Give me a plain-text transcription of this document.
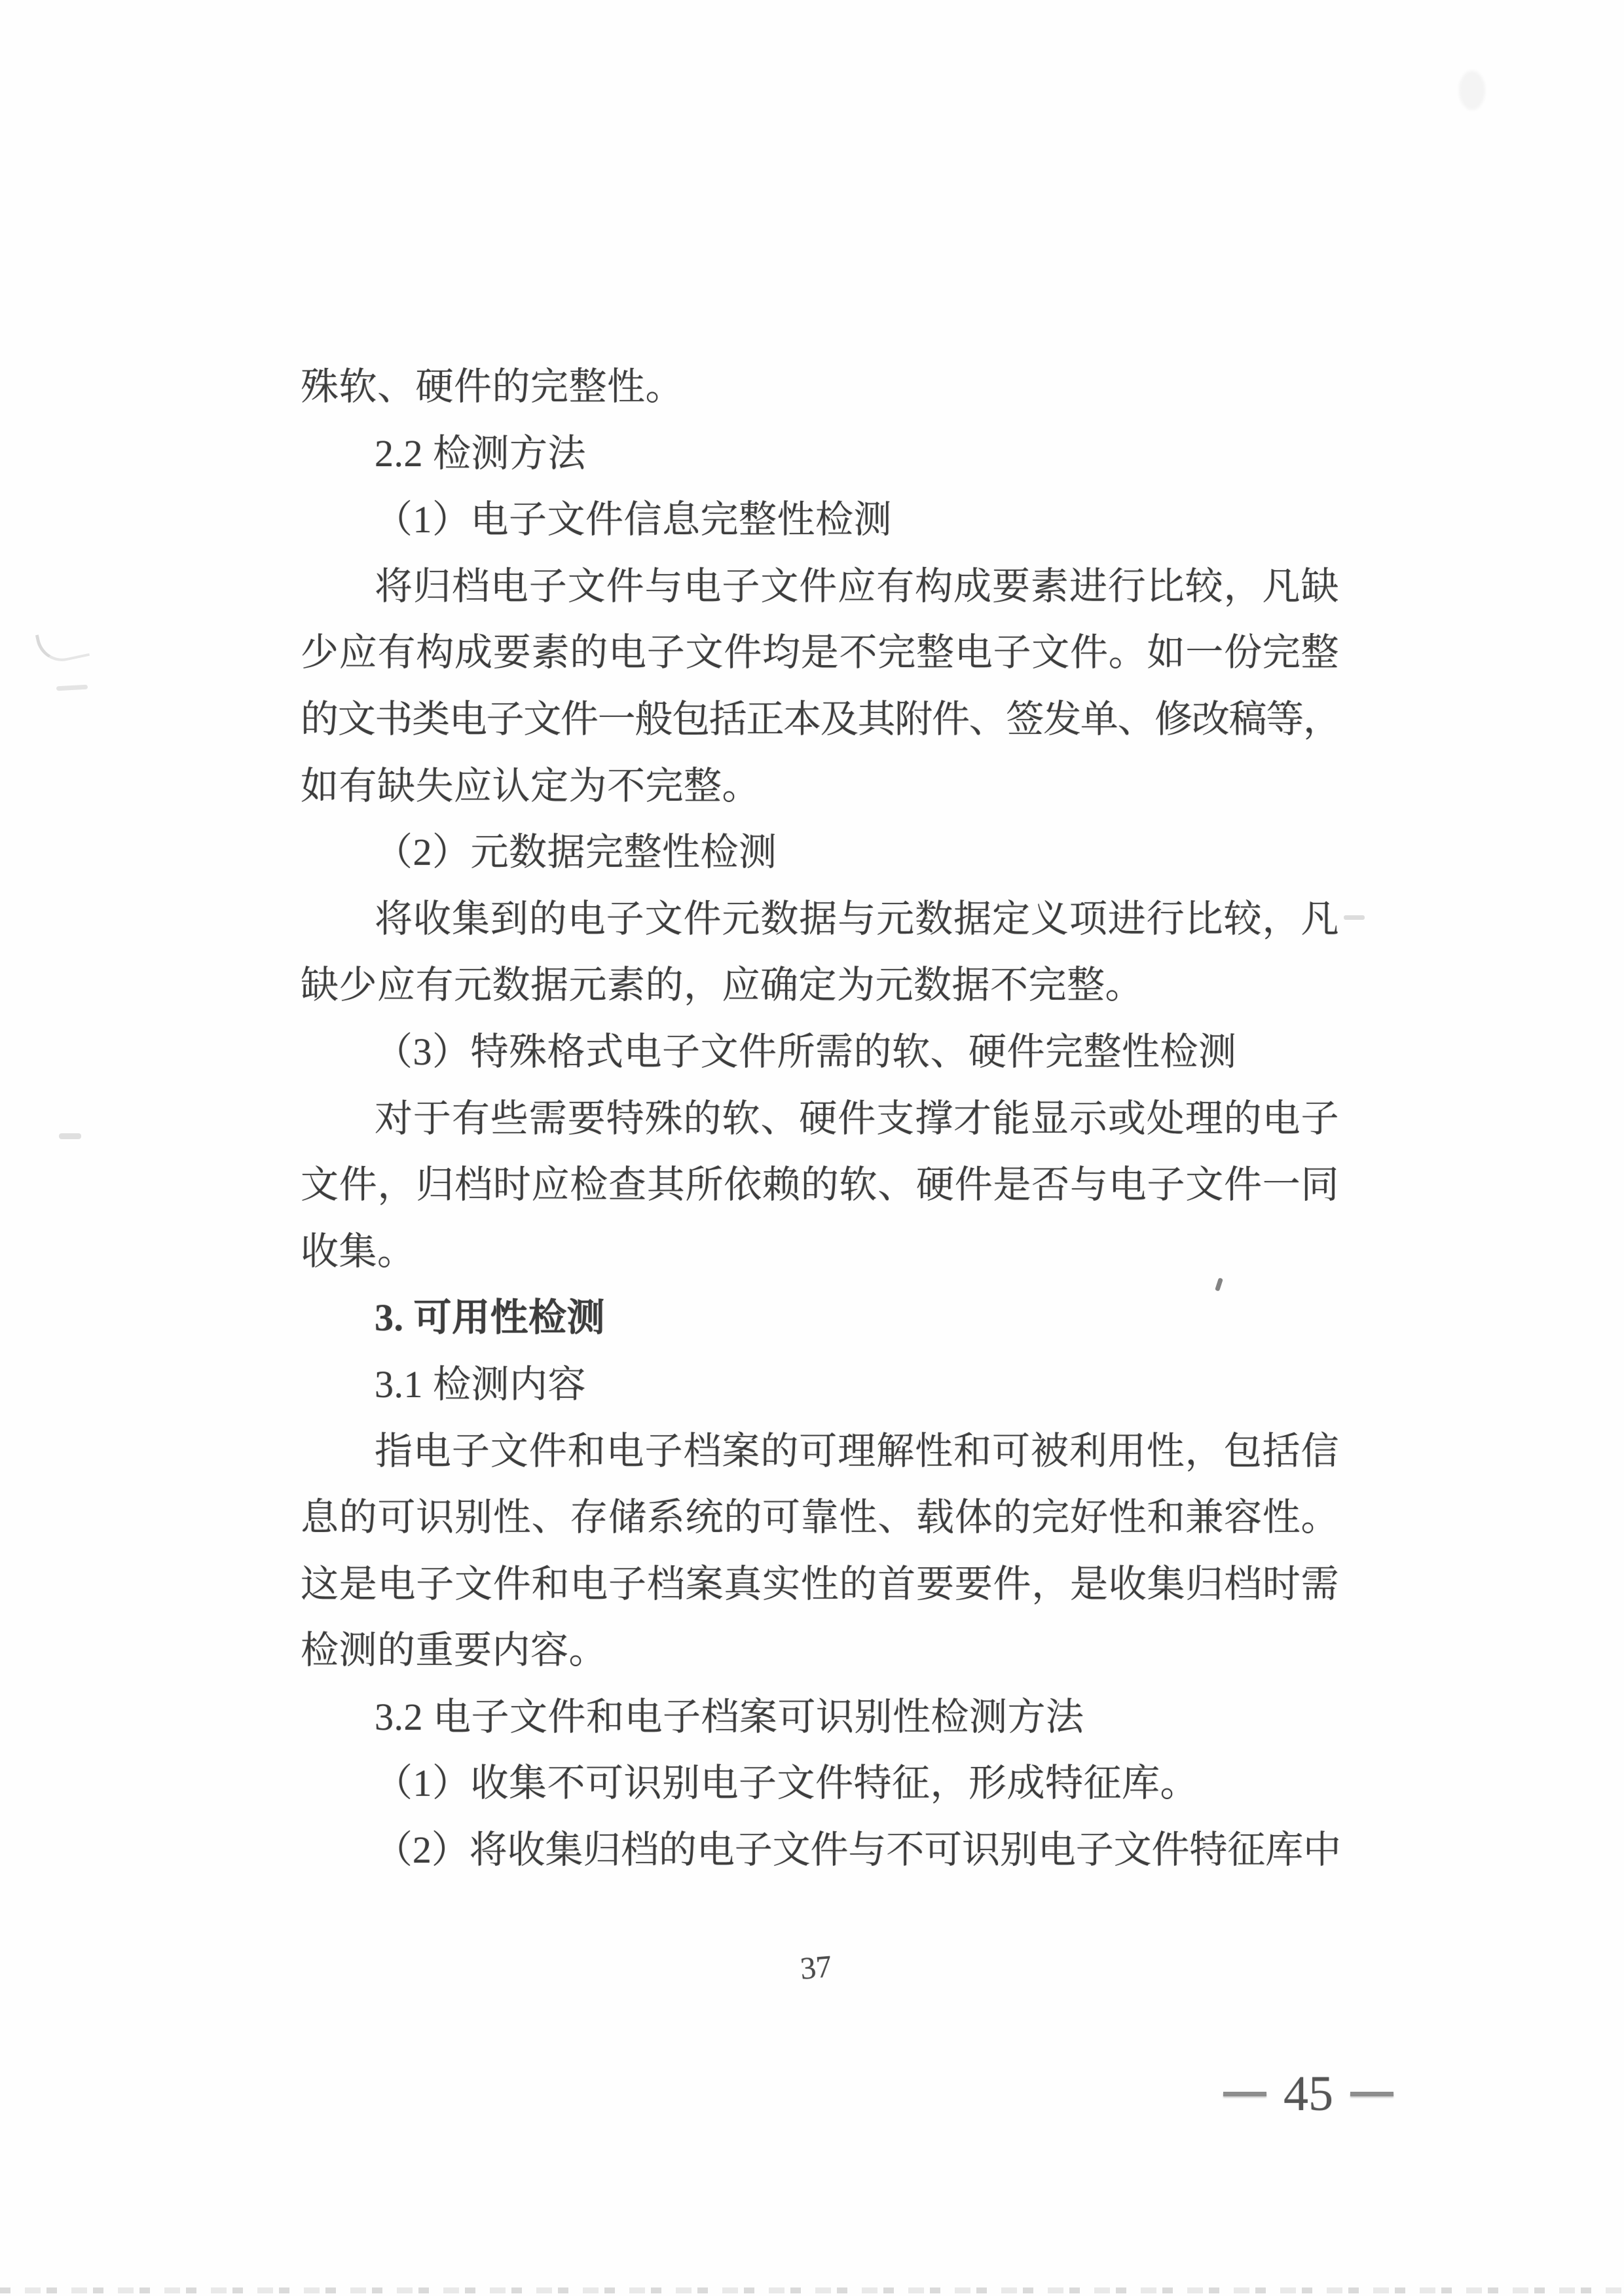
殊软、硬件的完整性。
2.2 检测方法
（1）电子文件信息完整性检测
将归档电子文件与电子文件应有构成要素进行比较，凡缺
少应有构成要素的电子文件均是不完整电子文件。如一份完整
的文书类电子文件一般包括正本及其附件、签发单、修改稿等，
如有缺失应认定为不完整。
（2）元数据完整性检测
将收集到的电子文件元数据与元数据定义项进行比较，凡
缺少应有元数据元素的，应确定为元数据不完整。
（3）特殊格式电子文件所需的软、硬件完整性检测
对于有些需要特殊的软、硬件支撑才能显示或处理的电子
文件，归档时应检查其所依赖的软、硬件是否与电子文件一同
收集。
3. 可用性检测
3.1 检测内容
指电子文件和电子档案的可理解性和可被利用性，包括信
息的可识别性、存储系统的可靠性、载体的完好性和兼容性。
这是电子文件和电子档案真实性的首要要件，是收集归档时需
检测的重要内容。
3.2 电子文件和电子档案可识别性检测方法
（1）收集不可识别电子文件特征，形成特征库。
（2）将收集归档的电子文件与不可识别电子文件特征库中
37
45
